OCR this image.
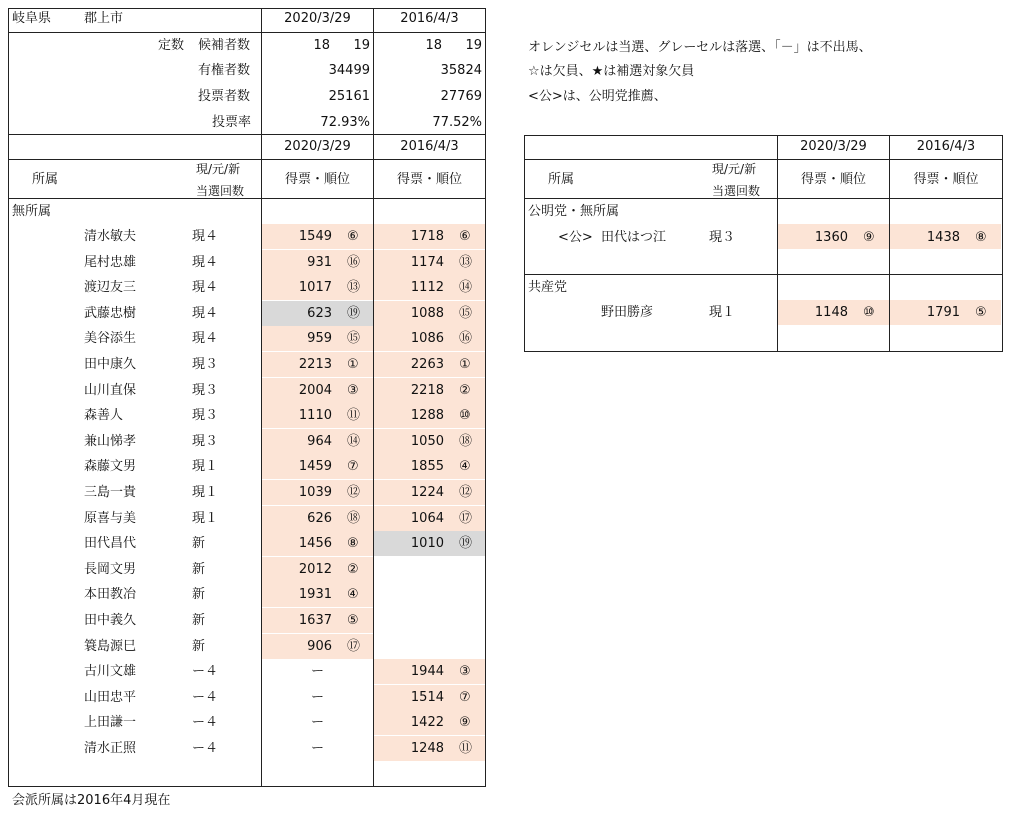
岐阜県	郡上市	2020/3/29	2016/4/3
定数 候補者数	18	19	18	19
有権者数	34499	35824
投票者数	25161	27769
投票率	72.93%	77.52%
2020/3/29	2016/4/3
所属
現/元/新
当選回数
得票・順位	得票・順位
無所属
清水敏夫	現４	1549 ⑥	1718 ⑥
尾村忠雄	現４	931 ⑯	1174 ⑬
渡辺友三	現４	1017 ⑬	1112 ⑭
武藤忠樹	現４	623 ⑲	1088 ⑮
美谷添生	現４	959 ⑮	1086 ⑯
田中康久	現３	2213 ①	2263 ①
山川直保	現３	2004 ③	2218 ②
森善人	現３	1110 ⑪	1288 ⑩
兼山悌孝	現３	964 ⑭	1050 ⑱
森藤文男	現１	1459 ⑦	1855 ④
三島一貴	現１	1039 ⑫	1224 ⑫
原喜与美	現１	626 ⑱	1064 ⑰
田代昌代	新	1456 ⑧	1010 ⑲
長岡文男	新	2012 ②
本田教冶	新	1931 ④
田中義久	新	1637 ⑤
簑島源巳	新	906 ⑰
古川文雄	ー４	ー	1944 ③
山田忠平	ー４	ー	1514 ⑦
上田謙一	ー４	ー	1422 ⑨
清水正照	ー４	ー	1248 ⑪
会派所属は2016年4月現在
オレンジセルは当選、グレーセルは落選、「－」は不出馬、
☆は欠員、★は補選対象欠員
<公>は、公明党推薦、
2020/3/29	2016/4/3
所属
現/元/新
当選回数
得票・順位	得票・順位
公明党・無所属
<公> 田代はつ江	現３	1360 ⑨	1438 ⑧
共産党
野田勝彦	現１	1148 ⑩	1791 ⑤
